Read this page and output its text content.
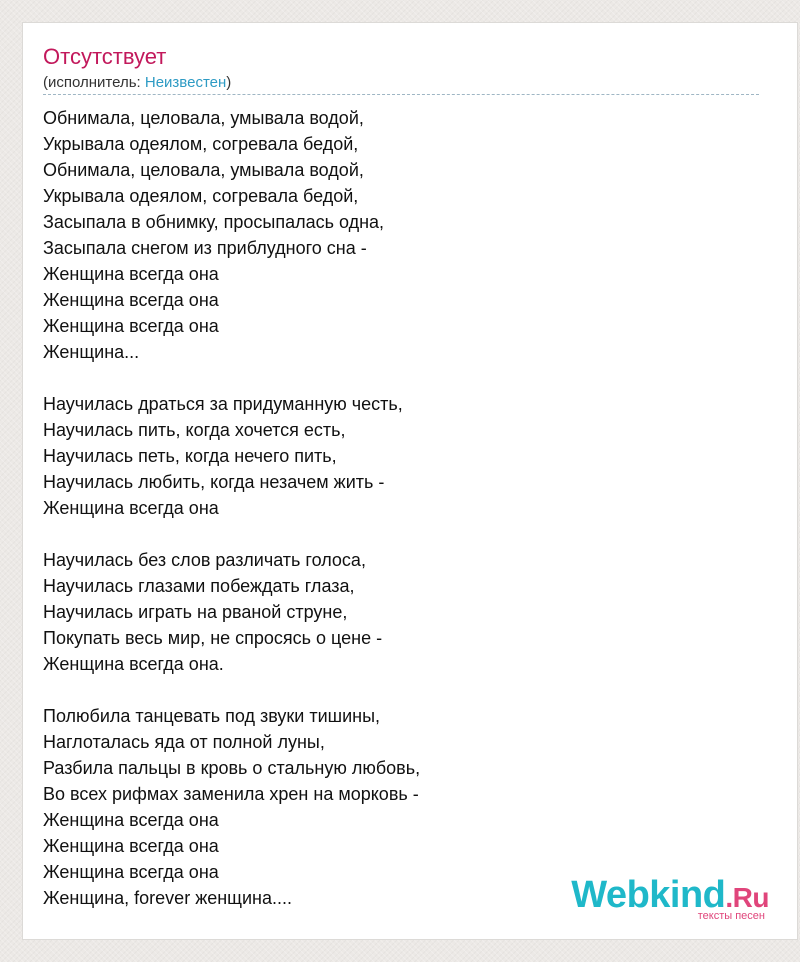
Отсутствует
(исполнитель: Неизвестен)
Обнимала, целовала, умывала водой,
Укрывала одеялом, согревала бедой,
Обнимала, целовала, умывала водой,
Укрывала одеялом, согревала бедой,
Засыпала в обнимку, просыпалась одна,
Засыпала снегом из приблудного сна -
Женщина всегда она
Женщина всегда она
Женщина всегда она
Женщина...
Научилась драться за придуманную честь,
Научилась пить, когда хочется есть,
Научилась петь, когда нечего пить,
Научилась любить, когда незачем жить -
Женщина всегда она
Научилась без слов различать голоса,
Научилась глазами побеждать глаза,
Научилась играть на рваной струне,
Покупать весь мир, не спросясь о цене -
Женщина всегда она.
Полюбила танцевать под звуки тишины,
Наглоталась яда от полной луны,
Разбила пальцы в кровь о стальную любовь,
Во всех рифмах заменила хрен на морковь -
Женщина всегда она
Женщина всегда она
Женщина всегда она
Женщина, forever женщина....	Webkind.Ru
тексты песен
